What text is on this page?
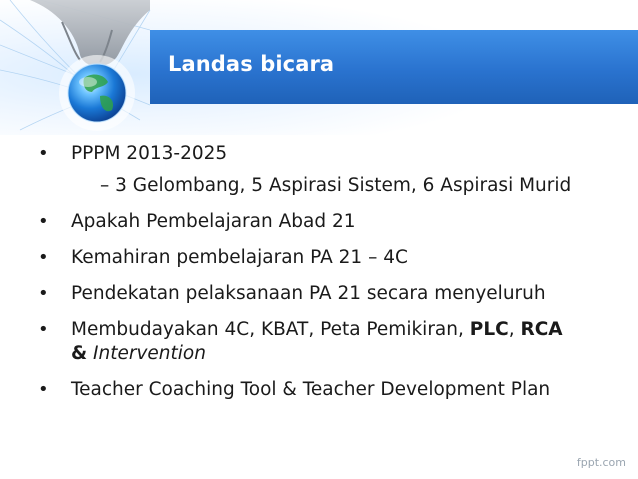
Landas bicara
• PPPM 2013-2025
– 3 Gelombang, 5 Aspirasi Sistem, 6 Aspirasi Murid
• Apakah Pembelajaran Abad 21
• Kemahiran pembelajaran PA 21 – 4C
• Pendekatan pelaksanaan PA 21 secara menyeluruh
• Membudayakan 4C, KBAT, Peta Pemikiran, PLC, RCA
& Intervention
• Teacher Coaching Tool & Teacher Development Plan
fppt.com
